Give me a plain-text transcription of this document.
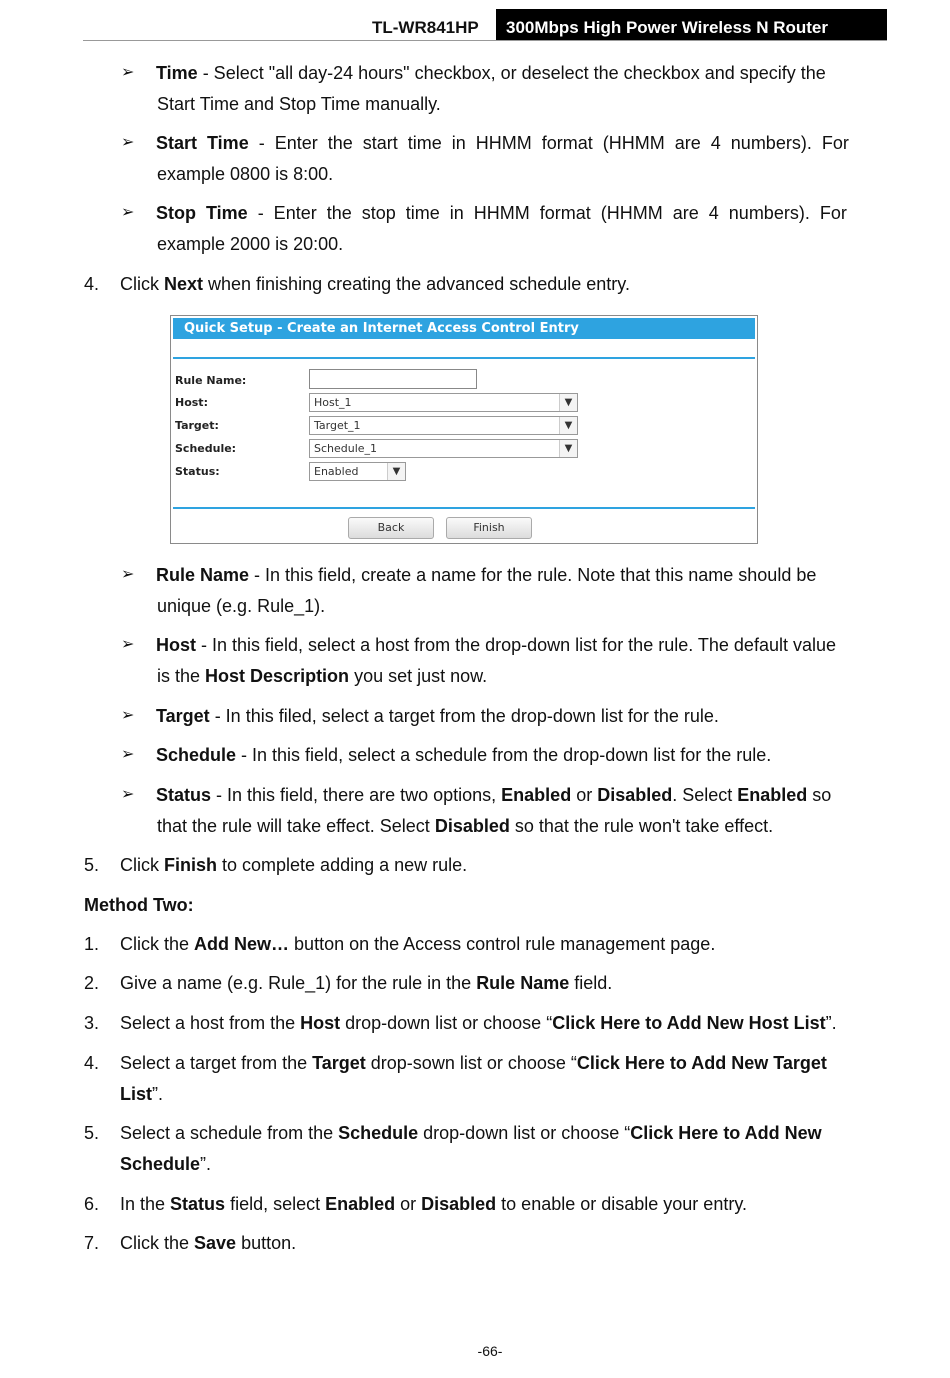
TL-WR841HP 300Mbps High Power Wireless N Router
➢ Time - Select "all day-24 hours" checkbox, or deselect the checkbox and specify the
Start Time and Stop Time manually.
➢ Start  Time  -  Enter  the  start  time  in  HHMM  format  (HHMM  are  4  numbers).  For
example 0800 is 8:00.
➢ Stop  Time  -  Enter  the  stop  time  in  HHMM  format  (HHMM  are  4  numbers).  For
example 2000 is 20:00.
4. Click Next when finishing creating the advanced schedule entry.
Quick Setup - Create an Internet Access Control Entry
Rule Name:
Host:	Host_1	▼
Target:	Target_1	▼
Schedule:	Schedule_1	▼
Status:	Enabled	▼
Back	Finish
➢ Rule Name - In this field, create a name for the rule. Note that this name should be
unique (e.g. Rule_1).
➢ Host - In this field, select a host from the drop-down list for the rule. The default value
is the Host Description you set just now.
➢ Target - In this filed, select a target from the drop-down list for the rule.
➢ Schedule - In this field, select a schedule from the drop-down list for the rule.
➢ Status - In this field, there are two options, Enabled or Disabled. Select Enabled so
that the rule will take effect. Select Disabled so that the rule won't take effect.
5. Click Finish to complete adding a new rule.
Method Two:
1. Click the Add New… button on the Access control rule management page.
2. Give a name (e.g. Rule_1) for the rule in the Rule Name field.
3. Select a host from the Host drop-down list or choose “Click Here to Add New Host List”.
4. Select a target from the Target drop-sown list or choose “Click Here to Add New Target
List”.
5. Select a schedule from the Schedule drop-down list or choose “Click Here to Add New
Schedule”.
6. In the Status field, select Enabled or Disabled to enable or disable your entry.
7. Click the Save button.
-66-
